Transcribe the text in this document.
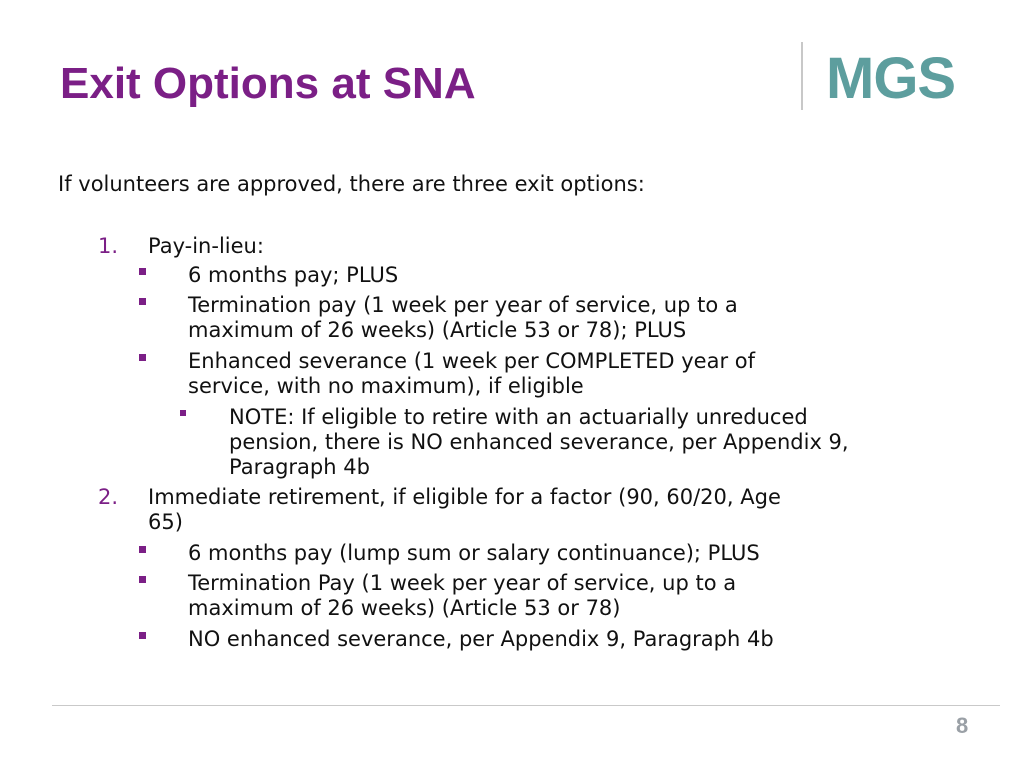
Exit Options at SNA	MGS
If volunteers are approved, there are three exit options:
1. Pay-in-lieu:
6 months pay; PLUS
Termination pay (1 week per year of service, up to a
maximum of 26 weeks) (Article 53 or 78); PLUS
Enhanced severance (1 week per COMPLETED year of
service, with no maximum), if eligible
NOTE: If eligible to retire with an actuarially unreduced
pension, there is NO enhanced severance, per Appendix 9,
Paragraph 4b
2. Immediate retirement, if eligible for a factor (90, 60/20, Age
65)
6 months pay (lump sum or salary continuance); PLUS
Termination Pay (1 week per year of service, up to a
maximum of 26 weeks) (Article 53 or 78)
NO enhanced severance, per Appendix 9, Paragraph 4b
8
